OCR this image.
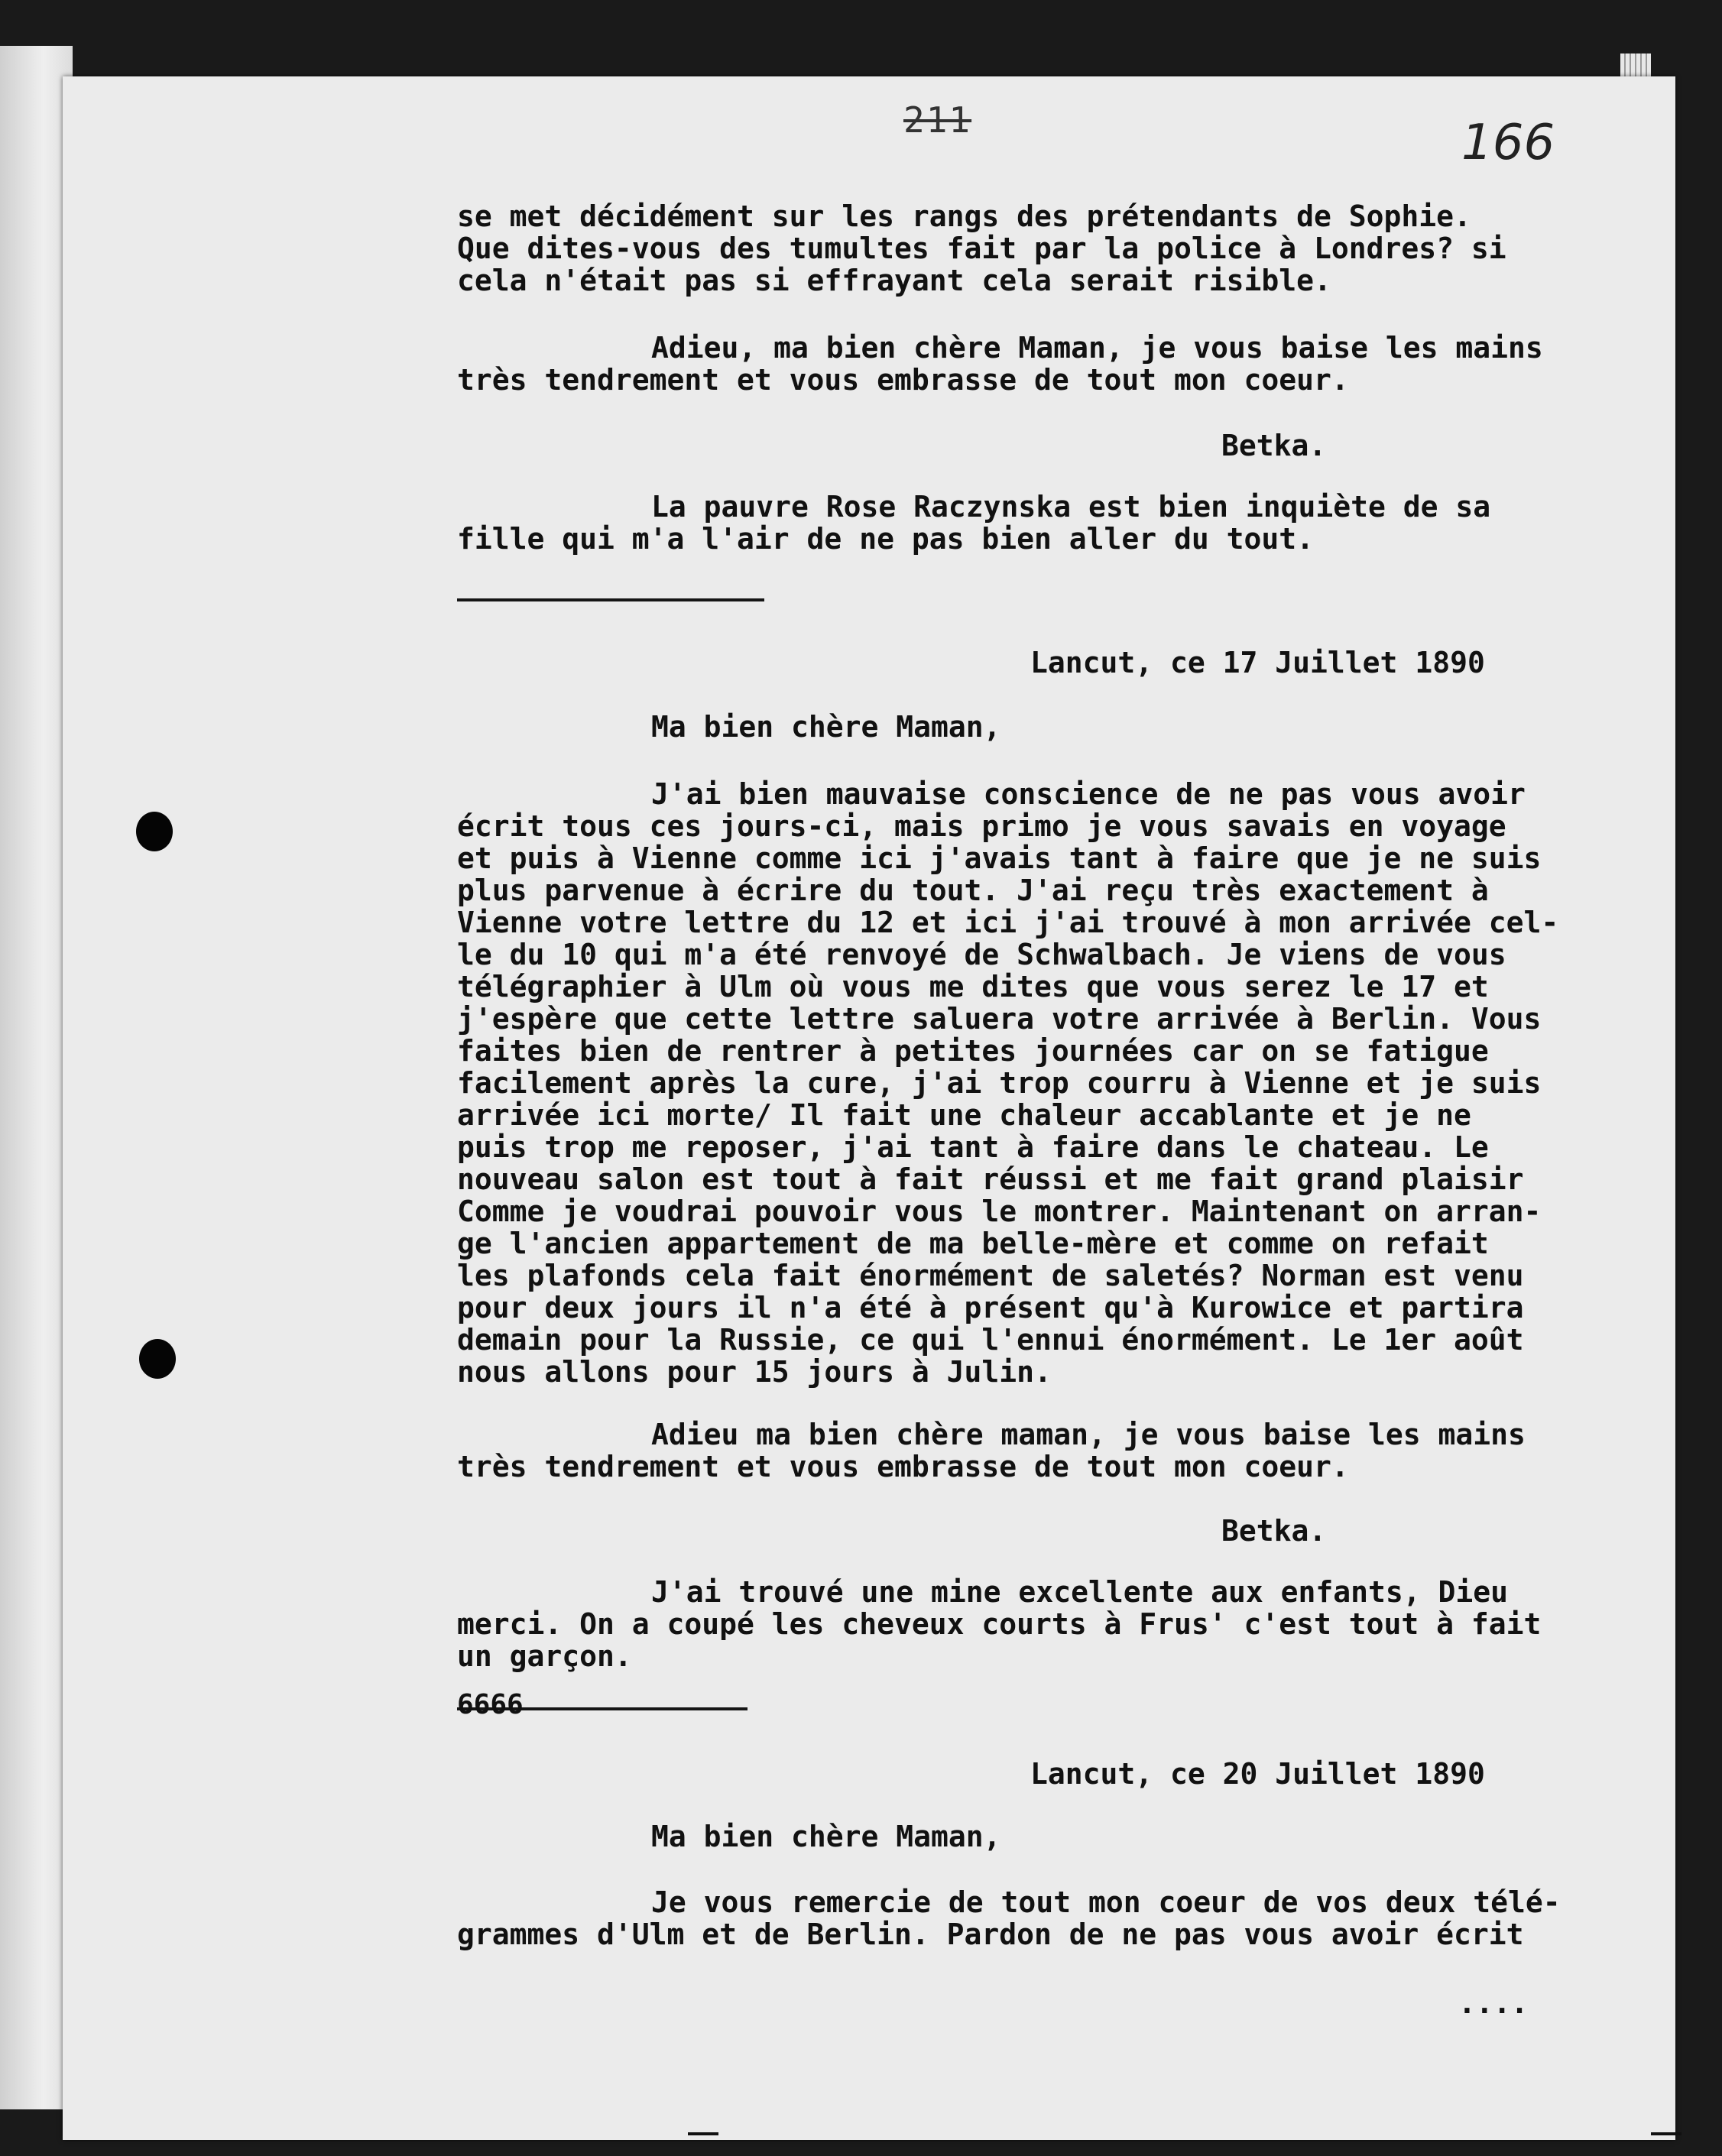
211	166
6666
se met décidément sur les rangs des prétendants de Sophie.
Que dites-vous des tumultes fait par la police à Londres? si
cela n'était pas si effrayant cela serait risible.
Adieu, ma bien chère Maman, je vous baise les mains
très tendrement et vous embrasse de tout mon coeur.
Betka.
La pauvre Rose Raczynska est bien inquiète de sa
fille qui m'a l'air de ne pas bien aller du tout.
Lancut, ce 17 Juillet 1890
Ma bien chère Maman,
J'ai bien mauvaise conscience de ne pas vous avoir
écrit tous ces jours-ci, mais primo je vous savais en voyage
et puis à Vienne comme ici j'avais tant à faire que je ne suis
plus parvenue à écrire du tout. J'ai reçu très exactement à
Vienne votre lettre du 12 et ici j'ai trouvé à mon arrivée cel-
le du 10 qui m'a été renvoyé de Schwalbach. Je viens de vous
télégraphier à Ulm où vous me dites que vous serez le 17 et
j'espère que cette lettre saluera votre arrivée à Berlin. Vous
faites bien de rentrer à petites journées car on se fatigue
facilement après la cure, j'ai trop courru à Vienne et je suis
arrivée ici morte/ Il fait une chaleur accablante et je ne
puis trop me reposer, j'ai tant à faire dans le chateau. Le
nouveau salon est tout à fait réussi et me fait grand plaisir
Comme je voudrai pouvoir vous le montrer. Maintenant on arran-
ge l'ancien appartement de ma belle-mère et comme on refait
les plafonds cela fait énormément de saletés? Norman est venu
pour deux jours il n'a été à présent qu'à Kurowice et partira
demain pour la Russie, ce qui l'ennui énormément. Le 1er août
nous allons pour 15 jours à Julin.
Adieu ma bien chère maman, je vous baise les mains
très tendrement et vous embrasse de tout mon coeur.
Betka.
J'ai trouvé une mine excellente aux enfants, Dieu
merci. On a coupé les cheveux courts à Frus' c'est tout à fait
un garçon.
Lancut, ce 20 Juillet 1890
Ma bien chère Maman,
Je vous remercie de tout mon coeur de vos deux télé-
grammes d'Ulm et de Berlin. Pardon de ne pas vous avoir écrit
....
